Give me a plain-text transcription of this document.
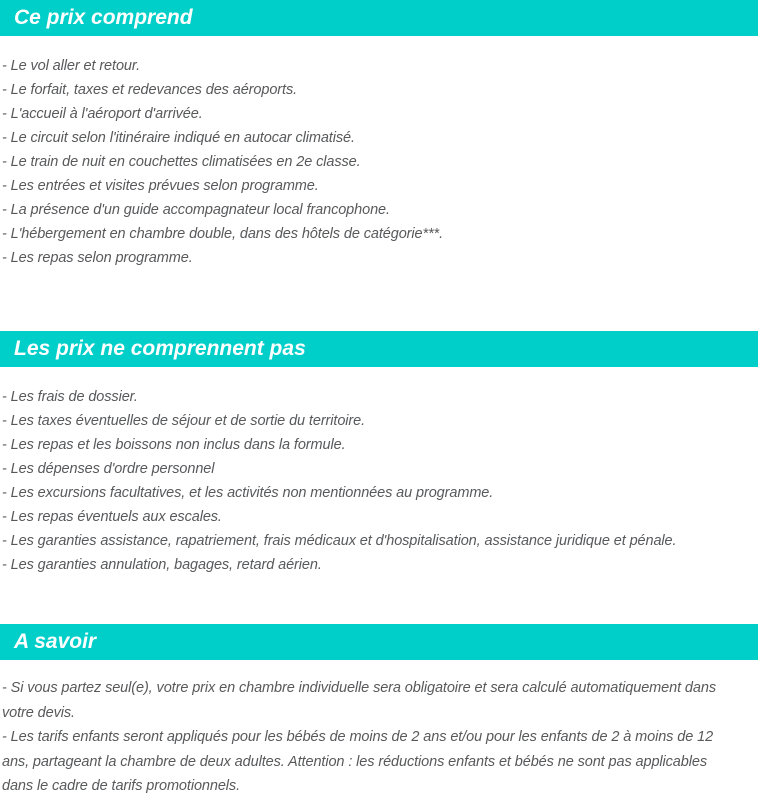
Ce prix comprend
- Le vol aller et retour.
- Le forfait, taxes et redevances des aéroports.
- L'accueil à l'aéroport d'arrivée.
- Le circuit selon l'itinéraire indiqué en autocar climatisé.
- Le train de nuit en couchettes climatisées en 2e classe.
- Les entrées et visites prévues selon programme.
- La présence d'un guide accompagnateur local francophone.
- L'hébergement en chambre double, dans des hôtels de catégorie***.
- Les repas selon programme.
Les prix ne comprennent pas
- Les frais de dossier.
- Les taxes éventuelles de séjour et de sortie du territoire.
- Les repas et les boissons non inclus dans la formule.
- Les dépenses d'ordre personnel
- Les excursions facultatives, et les activités non mentionnées au programme.
- Les repas éventuels aux escales.
- Les garanties assistance, rapatriement, frais médicaux et d'hospitalisation, assistance juridique et pénale.
- Les garanties annulation, bagages, retard aérien.
A savoir

- Si vous partez seul(e), votre prix en chambre individuelle sera obligatoire et sera calculé automatiquement dans votre devis.

- Les tarifs enfants seront appliqués pour les bébés de moins de 2 ans et/ou pour les enfants de 2 à moins de 12 ans, partageant la chambre de deux adultes. Attention : les réductions enfants et bébés ne sont pas applicables dans le cadre de tarifs promotionnels.
